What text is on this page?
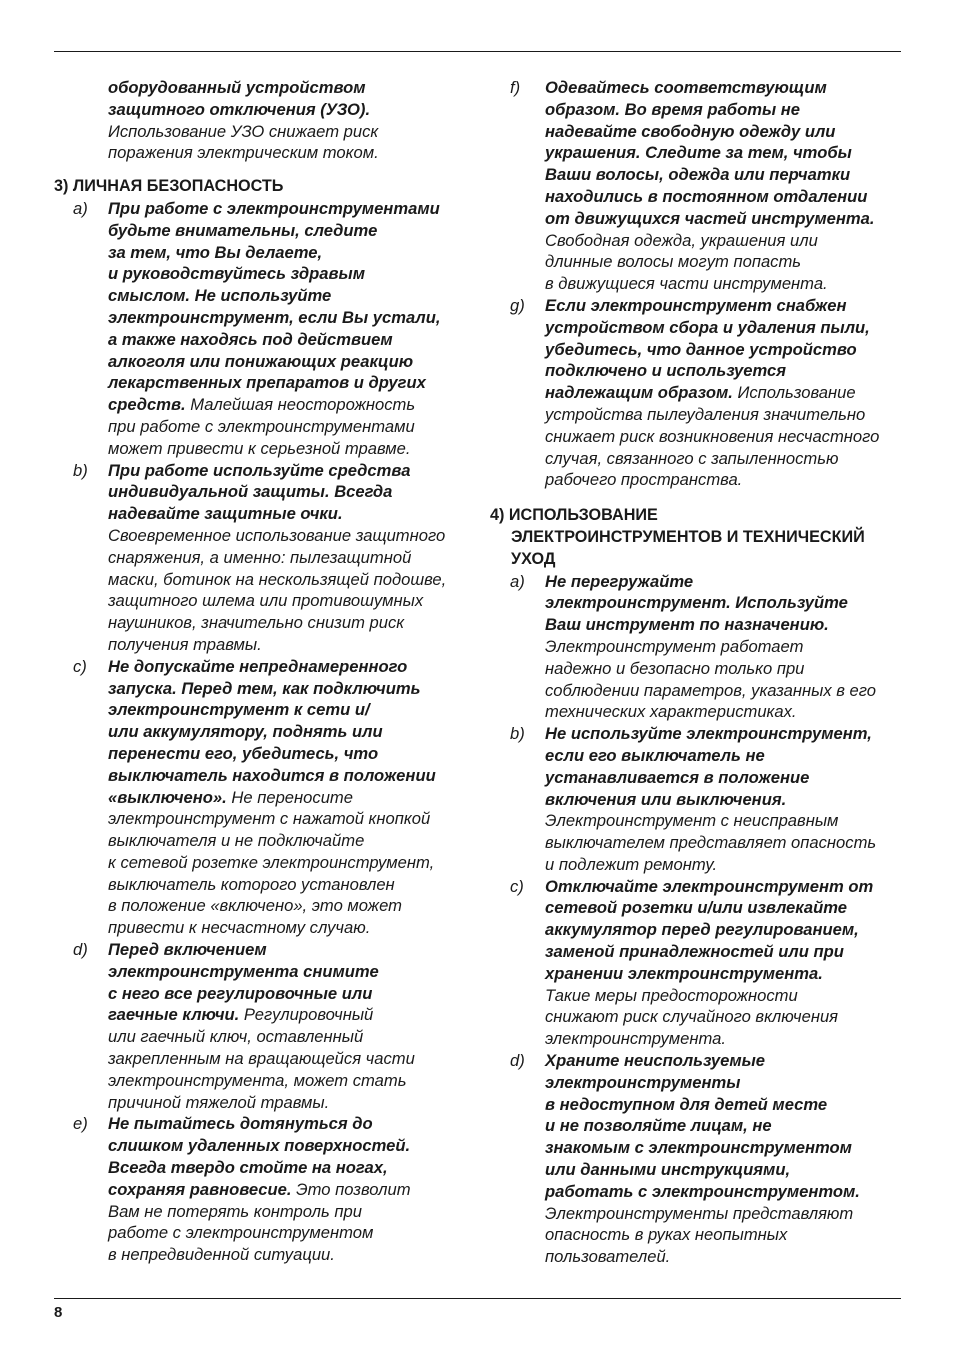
оборудованный устройством
защитного отключения (УЗО).
Использование УЗО снижает риск
поражения электрическим током.
3) ЛИЧНАЯ БЕЗОПАСНОСТЬ
a) При работе с электроинструментами
будьте внимательны, следите
за тем, что Вы делаете,
и руководствуйтесь здравым
смыслом. Не используйте
электроинструмент, если Вы устали,
а также находясь под действием
алкоголя или понижающих реакцию
лекарственных препаратов и других
средств. Малейшая неосторожность
при работе с электроинструментами
может привести к серьезной травме.
b) При работе используйте средства
индивидуальной защиты. Всегда
надевайте защитные очки.
Своевременное использование защитного
снаряжения, а именно: пылезащитной
маски, ботинок на нескользящей подошве,
защитного шлема или противошумных
наушников, значительно снизит риск
получения травмы.
c) Не допускайте непреднамеренного
запуска. Перед тем, как подключить
электроинструмент к сети и/
или аккумулятору, поднять или
перенести его, убедитесь, что
выключатель находится в положении
«выключено». Не переносите
электроинструмент с нажатой кнопкой
выключателя и не подключайте
к сетевой розетке электроинструмент,
выключатель которого установлен
в положение «включено», это может
привести к несчастному случаю.
d) Перед включением
электроинструмента снимите
с него все регулировочные или
гаечные ключи. Регулировочный
или гаечный ключ, оставленный
закрепленным на вращающейся части
электроинструмента, может стать
причиной тяжелой травмы.
e) Не пытайтесь дотянуться до
слишком удаленных поверхностей.
Всегда твердо стойте на ногах,
сохраняя равновесие. Это позволит
Вам не потерять контроль при
работе с электроинструментом
в непредвиденной ситуации.
f) Одевайтесь соответствующим
образом. Во время работы не
надевайте свободную одежду или
украшения. Следите за тем, чтобы
Ваши волосы, одежда или перчатки
находились в постоянном отдалении
от движущихся частей инструмента.
Свободная одежда, украшения или
длинные волосы могут попасть
в движущиеся части инструмента.
g) Если электроинструмент снабжен
устройством сбора и удаления пыли,
убедитесь, что данное устройство
подключено и используется
надлежащим образом. Использование
устройства пылеудаления значительно
снижает риск возникновения несчастного
случая, связанного с запыленностью
рабочего пространства.
4) ИСПОЛЬЗОВАНИЕ
ЭЛЕКТРОИНСТРУМЕНТОВ И ТЕХНИЧЕСКИЙ
УХОД
a) Не перегружайте
электроинструмент. Используйте
Ваш инструмент по назначению.
Электроинструмент работает
надежно и безопасно только при
соблюдении параметров, указанных в его
технических характеристиках.
b) Не используйте электроинструмент,
если его выключатель не
устанавливается в положение
включения или выключения.
Электроинструмент с неисправным
выключателем представляет опасность
и подлежит ремонту.
c) Отключайте электроинструмент от
сетевой розетки и/или извлекайте
аккумулятор перед регулированием,
заменой принадлежностей или при
хранении электроинструмента.
Такие меры предосторожности
снижают риск случайного включения
электроинструмента.
d) Храните неиспользуемые
электроинструменты
в недоступном для детей месте
и не позволяйте лицам, не
знакомым с электроинструментом
или данными инструкциями,
работать с электроинструментом.
Электроинструменты представляют
опасность в руках неопытных
пользователей.
8
